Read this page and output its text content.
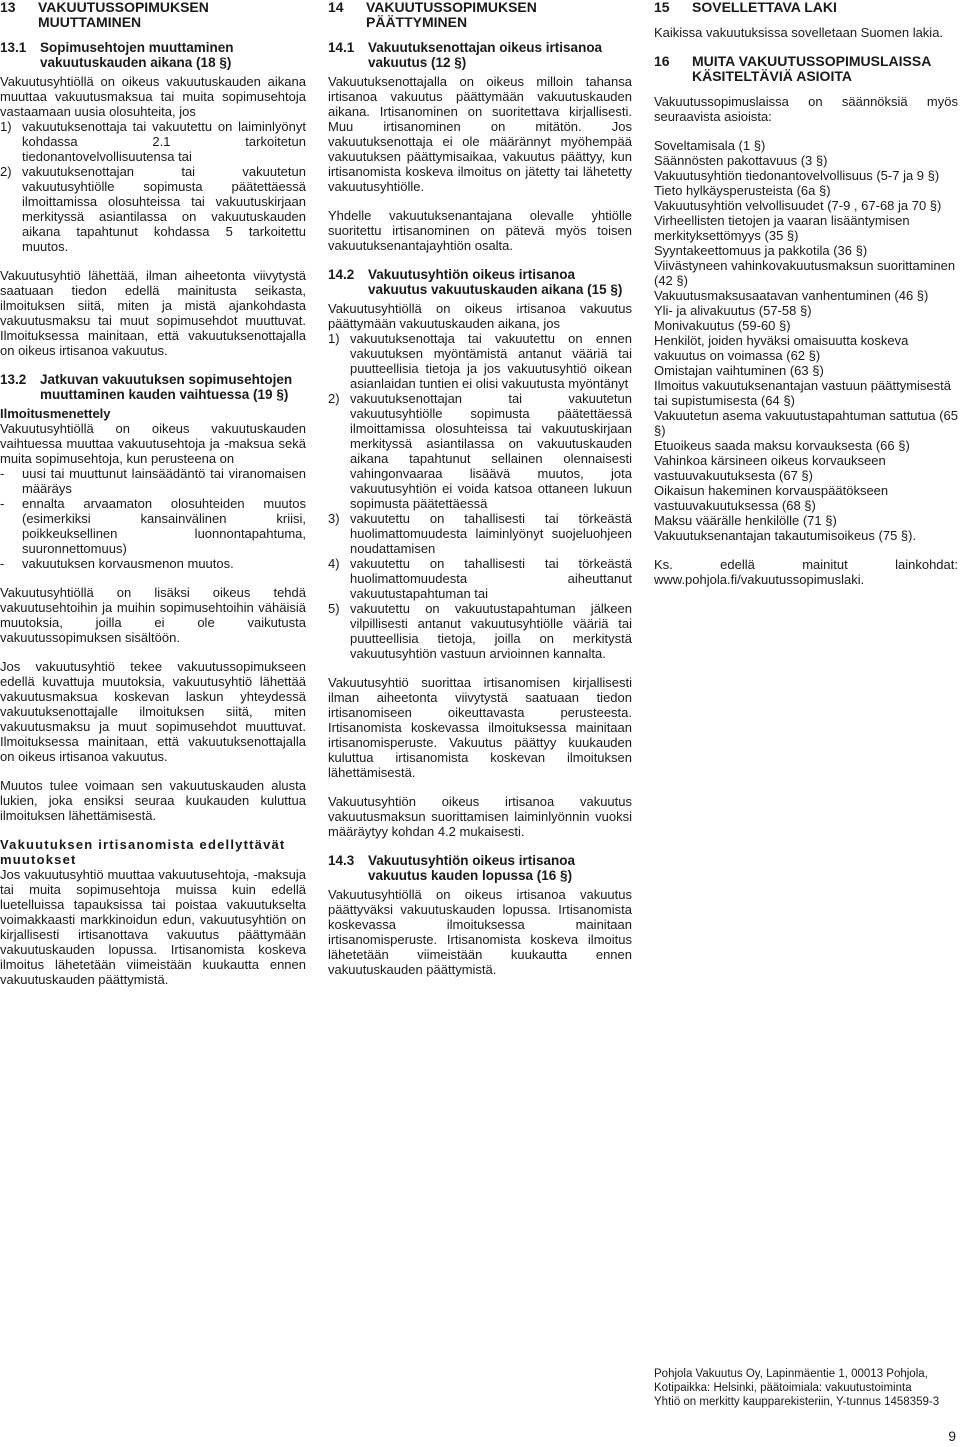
13	VAKUUTUSSOPIMUKSEN MUUTTAMINEN
13.1	Sopimusehtojen muuttaminen vakuutuskauden aikana (18 §)

Vakuutusyhtiöllä on oikeus vakuutuskauden aikana muuttaa vakuutusmaksua tai muita sopimusehtoja vastaamaan uusia olosuhteita, jos

1) vakuutuksenottaja tai vakuutettu on laiminlyönyt kohdassa 2.1 tarkoitetun tiedonantovelvollisuutensa tai
2) vakuutuksenottajan tai vakuutetun vakuutusyhtiölle sopimusta päätettäessä ilmoittamissa olosuhteissa tai vakuutuskirjaan merkityssä asiantilassa on vakuutuskauden aikana tapahtunut kohdassa 5 tarkoitettu muutos.

Vakuutusyhtiö lähettää, ilman aiheetonta viivytystä saatuaan tiedon edellä mainitusta seikasta, ilmoituksen siitä, miten ja mistä ajankohdasta vakuutusmaksu tai muut sopimusehdot muuttuvat. Ilmoituksessa mainitaan, että vakuutuksenottajalla on oikeus irtisanoa vakuutus.

13.2	Jatkuvan vakuutuksen sopimusehtojen muuttaminen kauden vaihtuessa (19 §)
Ilmoitusmenettely

Vakuutusyhtiöllä on oikeus vakuutuskauden vaihtuessa muuttaa vakuutusehtoja ja -maksua sekä muita sopimusehtoja, kun perusteena on

-	uusi tai muuttunut lainsäädäntö tai viranomaisen määräys
-	ennalta arvaamaton olosuhteiden muutos (esimerkiksi kansainvälinen kriisi, poikkeuksellinen luonnontapahtuma, suuronnettomuus)
-	vakuutuksen korvausmenon muutos.

Vakuutusyhtiöllä on lisäksi oikeus tehdä vakuutusehtoihin ja muihin sopimusehtoihin vähäisiä muutoksia, joilla ei ole vaikutusta vakuutussopimuksen sisältöön.

Jos vakuutusyhtiö tekee vakuutussopimukseen edellä kuvattuja muutoksia, vakuutusyhtiö lähettää vakuutusmaksua koskevan laskun yhteydessä vakuutuksenottajalle ilmoituksen siitä, miten vakuutusmaksu ja muut sopimusehdot muuttuvat. Ilmoituksessa mainitaan, että vakuutuksenottajalla on oikeus irtisanoa vakuutus.

Muutos tulee voimaan sen vakuutuskauden alusta lukien, joka ensiksi seuraa kuukauden kuluttua ilmoituksen lähettämisestä.

Vakuutuksen irtisanomista edellyttävät muutokset

Jos vakuutusyhtiö muuttaa vakuutusehtoja, -maksuja tai muita sopimusehtoja muissa kuin edellä luetelluissa tapauksissa tai poistaa vakuutukselta voimakkaasti markkinoidun edun, vakuutusyhtiön on kirjallisesti irtisanottava vakuutus päättymään vakuutuskauden lopussa. Irtisanomista koskeva ilmoitus lähetetään viimeistään kuukautta ennen vakuutuskauden päättymistä.

14	VAKUUTUSSOPIMUKSEN PÄÄTTYMINEN
14.1	Vakuutuksenottajan oikeus irtisanoa vakuutus (12 §)

Vakuutuksenottajalla on oikeus milloin tahansa irtisanoa vakuutus päättymään vakuutuskauden aikana. Irtisanominen on suoritettava kirjallisesti. Muu irtisanominen on mitätön. Jos vakuutuksenottaja ei ole määrännyt myöhempää vakuutuksen päättymisaikaa, vakuutus päättyy, kun irtisanomista koskeva ilmoitus on jätetty tai lähetetty vakuutusyhtiölle.

Yhdelle vakuutuksenantajana olevalle yhtiölle suoritettu irtisanominen on pätevä myös toisen vakuutuksenantajayhtiön osalta.

14.2	Vakuutusyhtiön oikeus irtisanoa vakuutus vakuutuskauden aikana (15 §)

Vakuutusyhtiöllä on oikeus irtisanoa vakuutus päättymään vakuutuskauden aikana, jos

1) vakuutuksenottaja tai vakuutettu on ennen vakuutuksen myöntämistä antanut vääriä tai puutteellisia tietoja ja jos vakuutusyhtiö oikean asianlaidan tuntien ei olisi vakuutusta myöntänyt
2) vakuutuksenottajan tai vakuutetun vakuutusyhtiölle sopimusta päätettäessä ilmoittamissa olosuhteissa tai vakuutuskirjaan merkityssä asiantilassa on vakuutuskauden aikana tapahtunut sellainen olennaisesti vahingonvaaraa lisäävä muutos, jota vakuutusyhtiön ei voida katsoa ottaneen lukuun sopimusta päätettäessä
3) vakuutettu on tahallisesti tai törkeästä huolimattomuudesta laiminlyönyt suojeluohjeen noudattamisen
4) vakuutettu on tahallisesti tai törkeästä huolimattomuudesta aiheuttanut vakuutustapahtuman tai
5) vakuutettu on vakuutustapahtuman jälkeen vilpillisesti antanut vakuutusyhtiölle vääriä tai puutteellisia tietoja, joilla on merkitystä vakuutusyhtiön vastuun arvioinnen kannalta.

Vakuutusyhtiö suorittaa irtisanomisen kirjallisesti ilman aiheetonta viivytystä saatuaan tiedon irtisanomiseen oikeuttavasta perusteesta. Irtisanomista koskevassa ilmoituksessa mainitaan irtisanomisperuste. Vakuutus päättyy kuukauden kuluttua irtisanomista koskevan ilmoituksen lähettämisestä.

Vakuutusyhtiön oikeus irtisanoa vakuutus vakuutusmaksun suorittamisen laiminlyönnin vuoksi määräytyy kohdan 4.2 mukaisesti.

14.3	Vakuutusyhtiön oikeus irtisanoa vakuutus kauden lopussa (16 §)

Vakuutusyhtiöllä on oikeus irtisanoa vakuutus päättyväksi vakuutuskauden lopussa. Irtisanomista koskevassa ilmoituksessa mainitaan irtisanomisperuste. Irtisanomista koskeva ilmoitus lähetetään viimeistään kuukautta ennen vakuutuskauden päättymistä.

15	SOVELLETTAVA LAKI

Kaikissa vakuutuksissa sovelletaan Suomen lakia.

16	MUITA VAKUUTUSSOPIMUSLAISSA KÄSITELTÄVIÄ ASIOITA

Vakuutussopimuslaissa on säännöksiä myös seuraavista asioista:

Soveltamisala (1 §)
Säännösten pakottavuus (3 §)
Vakuutusyhtiön tiedonantovelvollisuus (5-7 ja 9 §)
Tieto hylkäysperusteista (6a §)
Vakuutusyhtiön velvollisuudet (7-9 , 67-68 ja 70 §)
Virheellisten tietojen ja vaaran lisääntymisen merkityksettömyys (35 §)
Syyntakeettomuus ja pakkotila (36 §)
Viivästyneen vahinkovakuutusmaksun suorittaminen (42 §)
Vakuutusmaksusaatavan vanhentuminen (46 §)
Yli- ja alivakuutus (57-58 §)
Monivakuutus (59-60 §)
Henkilöt, joiden hyväksi omaisuutta koskeva vakuutus on voimassa (62 §)
Omistajan vaihtuminen (63 §)
Ilmoitus vakuutuksenantajan vastuun päättymisestä tai supistumisesta (64 §)
Vakuutetun asema vakuutustapahtuman sattutua (65 §)
Etuoikeus saada maksu korvauksesta (66 §)
Vahinkoa kärsineen oikeus korvaukseen vastuuvakuutuksesta (67 §)
Oikaisun hakeminen korvauspäätökseen vastuuvakuutuksessa (68 §)
Maksu väärälle henkilölle (71 §)
Vakuutuksenantajan takautumisoikeus (75 §).

Ks. edellä mainitut lainkohdat: www.pohjola.fi/vakuutussopimuslaki.

Pohjola Vakuutus Oy, Lapinmäentie 1, 00013 Pohjola,
Kotipaikka: Helsinki, päätoimiala: vakuutustoiminta
Yhtiö on merkitty kaupparekisteriin, Y-tunnus 1458359-3
9
